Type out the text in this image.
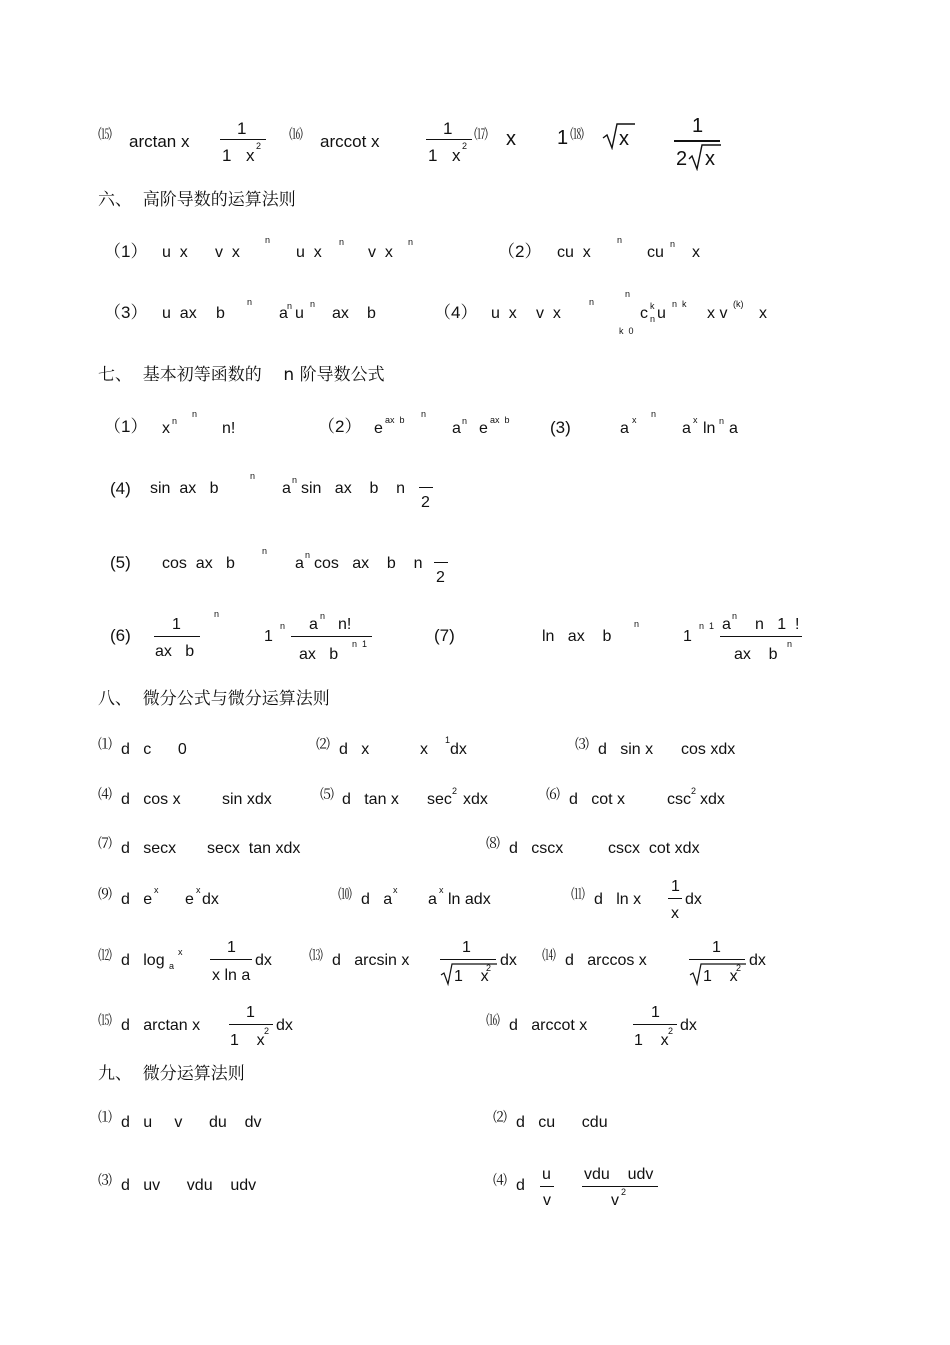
⒂ arctan x
1
1 x 2
⒃ arccot x
1
1 x 2
⒄ x 1 ⒅ x
1
2 x
六、  高阶导数的运算法则
（1） u  x v  x
n
u  x
n
v  x
n	（2） cu  x
n
cu n x
（3） u  ax b
n
a n u
n
ax b	（4） u  x v  x
n
n
k  0
c k
n u
n  k
x v
(k)
x
七、  基本初等函数的    n 阶导数公式
（1） x n
n
n!	（2） e ax  b
n
a n e ax  b (3)	a x
n
a x ln n a
(4) sin  ax   b
n
a n sin   ax    b    n
2
(5) cos  ax   b
n
a n cos   ax    b    n
2
(6)
1
ax   b
n
1
n a n n!
ax   b
n  1	(7)	ln   ax    b
n
1
n  1 a n n   1  !
ax    b
n
八、  微分公式与微分运算法则
⑴ d   c      0	⑵ d   x	x
1
dx	⑶ d   sin x cos xdx
⑷ d   cos x	sin xdx	⑸ d   tan x sec 2 xdx	⑹ d   cot x	csc 2 xdx
⑺ d   secx secx  tan xdx	⑻ d   cscx	cscx  cot xdx
⑼ d   e
x
e
x
dx	⑽ d   a
x
a
x
ln adx	⑾ d   ln x
1
x
dx
⑿ d   log a
x	1
x ln a
dx	⒀ d   arcsin x
1
1    x
2 dx ⒁ d   arccos x
1
1    x
2 dx
⒂ d   arctan x
1
1    x
2 dx	⒃ d   arccot x
1
1    x
2 dx
九、  微分运算法则
⑴ d   u     v      du    dv	⑵ d   cu      cdu
⑶ d   uv      vdu    udv	⑷ d
u
v
vdu    udv
v 2
